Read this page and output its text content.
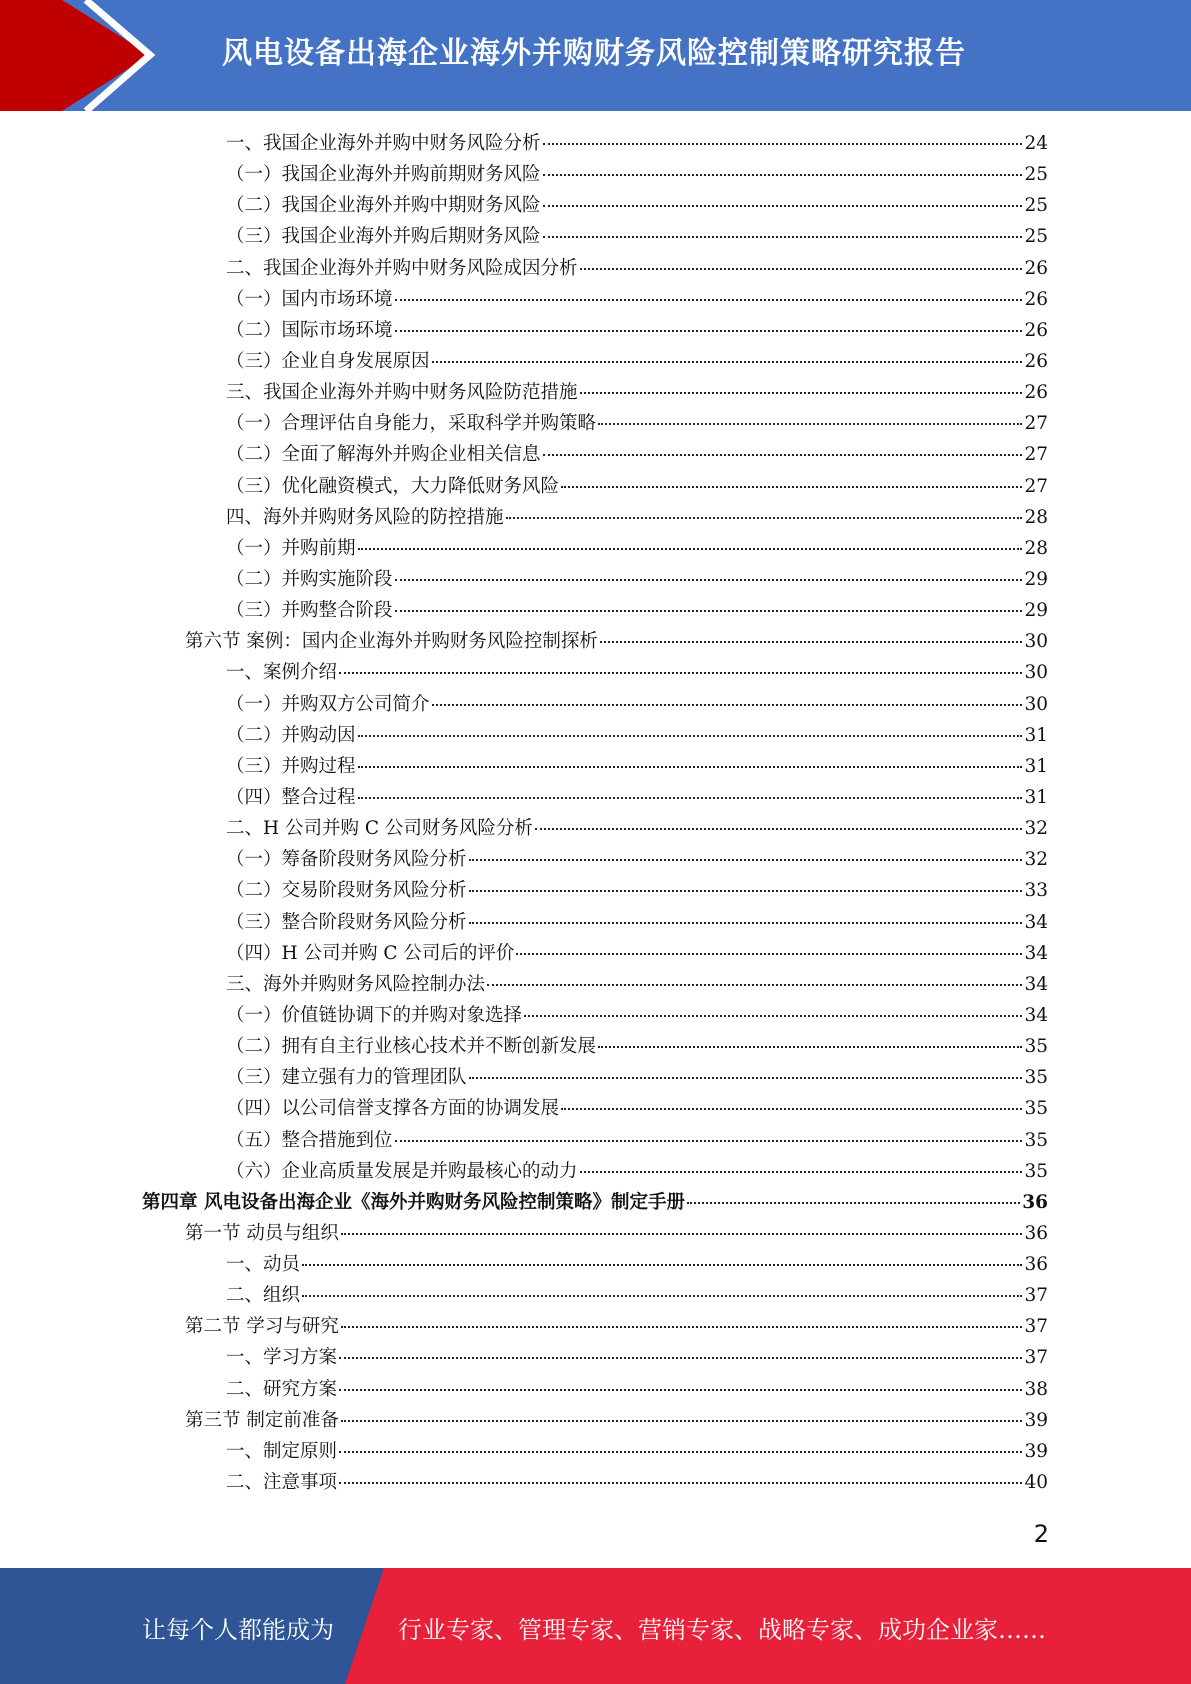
风电设备出海企业海外并购财务风险控制策略研究报告
一、我国企业海外并购中财务风险分析	24
（一）我国企业海外并购前期财务风险	25
（二）我国企业海外并购中期财务风险	25
（三）我国企业海外并购后期财务风险	25
二、我国企业海外并购中财务风险成因分析	26
（一）国内市场环境	26
（二）国际市场环境	26
（三）企业自身发展原因	26
三、我国企业海外并购中财务风险防范措施	26
（一）合理评估自身能力，采取科学并购策略	27
（二）全面了解海外并购企业相关信息	27
（三）优化融资模式，大力降低财务风险	27
四、海外并购财务风险的防控措施	28
（一）并购前期	28
（二）并购实施阶段	29
（三）并购整合阶段	29
第六节 案例：国内企业海外并购财务风险控制探析	30
一、案例介绍	30
（一）并购双方公司简介	30
（二）并购动因	31
（三）并购过程	31
（四）整合过程	31
二、H 公司并购 C 公司财务风险分析	32
（一）筹备阶段财务风险分析	32
（二）交易阶段财务风险分析	33
（三）整合阶段财务风险分析	34
（四）H 公司并购 C 公司后的评价	34
三、海外并购财务风险控制办法	34
（一）价值链协调下的并购对象选择	34
（二）拥有自主行业核心技术并不断创新发展	35
（三）建立强有力的管理团队	35
（四）以公司信誉支撑各方面的协调发展	35
（五）整合措施到位	35
（六）企业高质量发展是并购最核心的动力	35
第四章 风电设备出海企业《海外并购财务风险控制策略》制定手册	36
第一节 动员与组织	36
一、动员	36
二、组织	37
第二节 学习与研究	37
一、学习方案	37
二、研究方案	38
第三节 制定前准备	39
一、制定原则	39
二、注意事项	40
2
让每个人都能成为	行业专家、管理专家、营销专家、战略专家、成功企业家……
